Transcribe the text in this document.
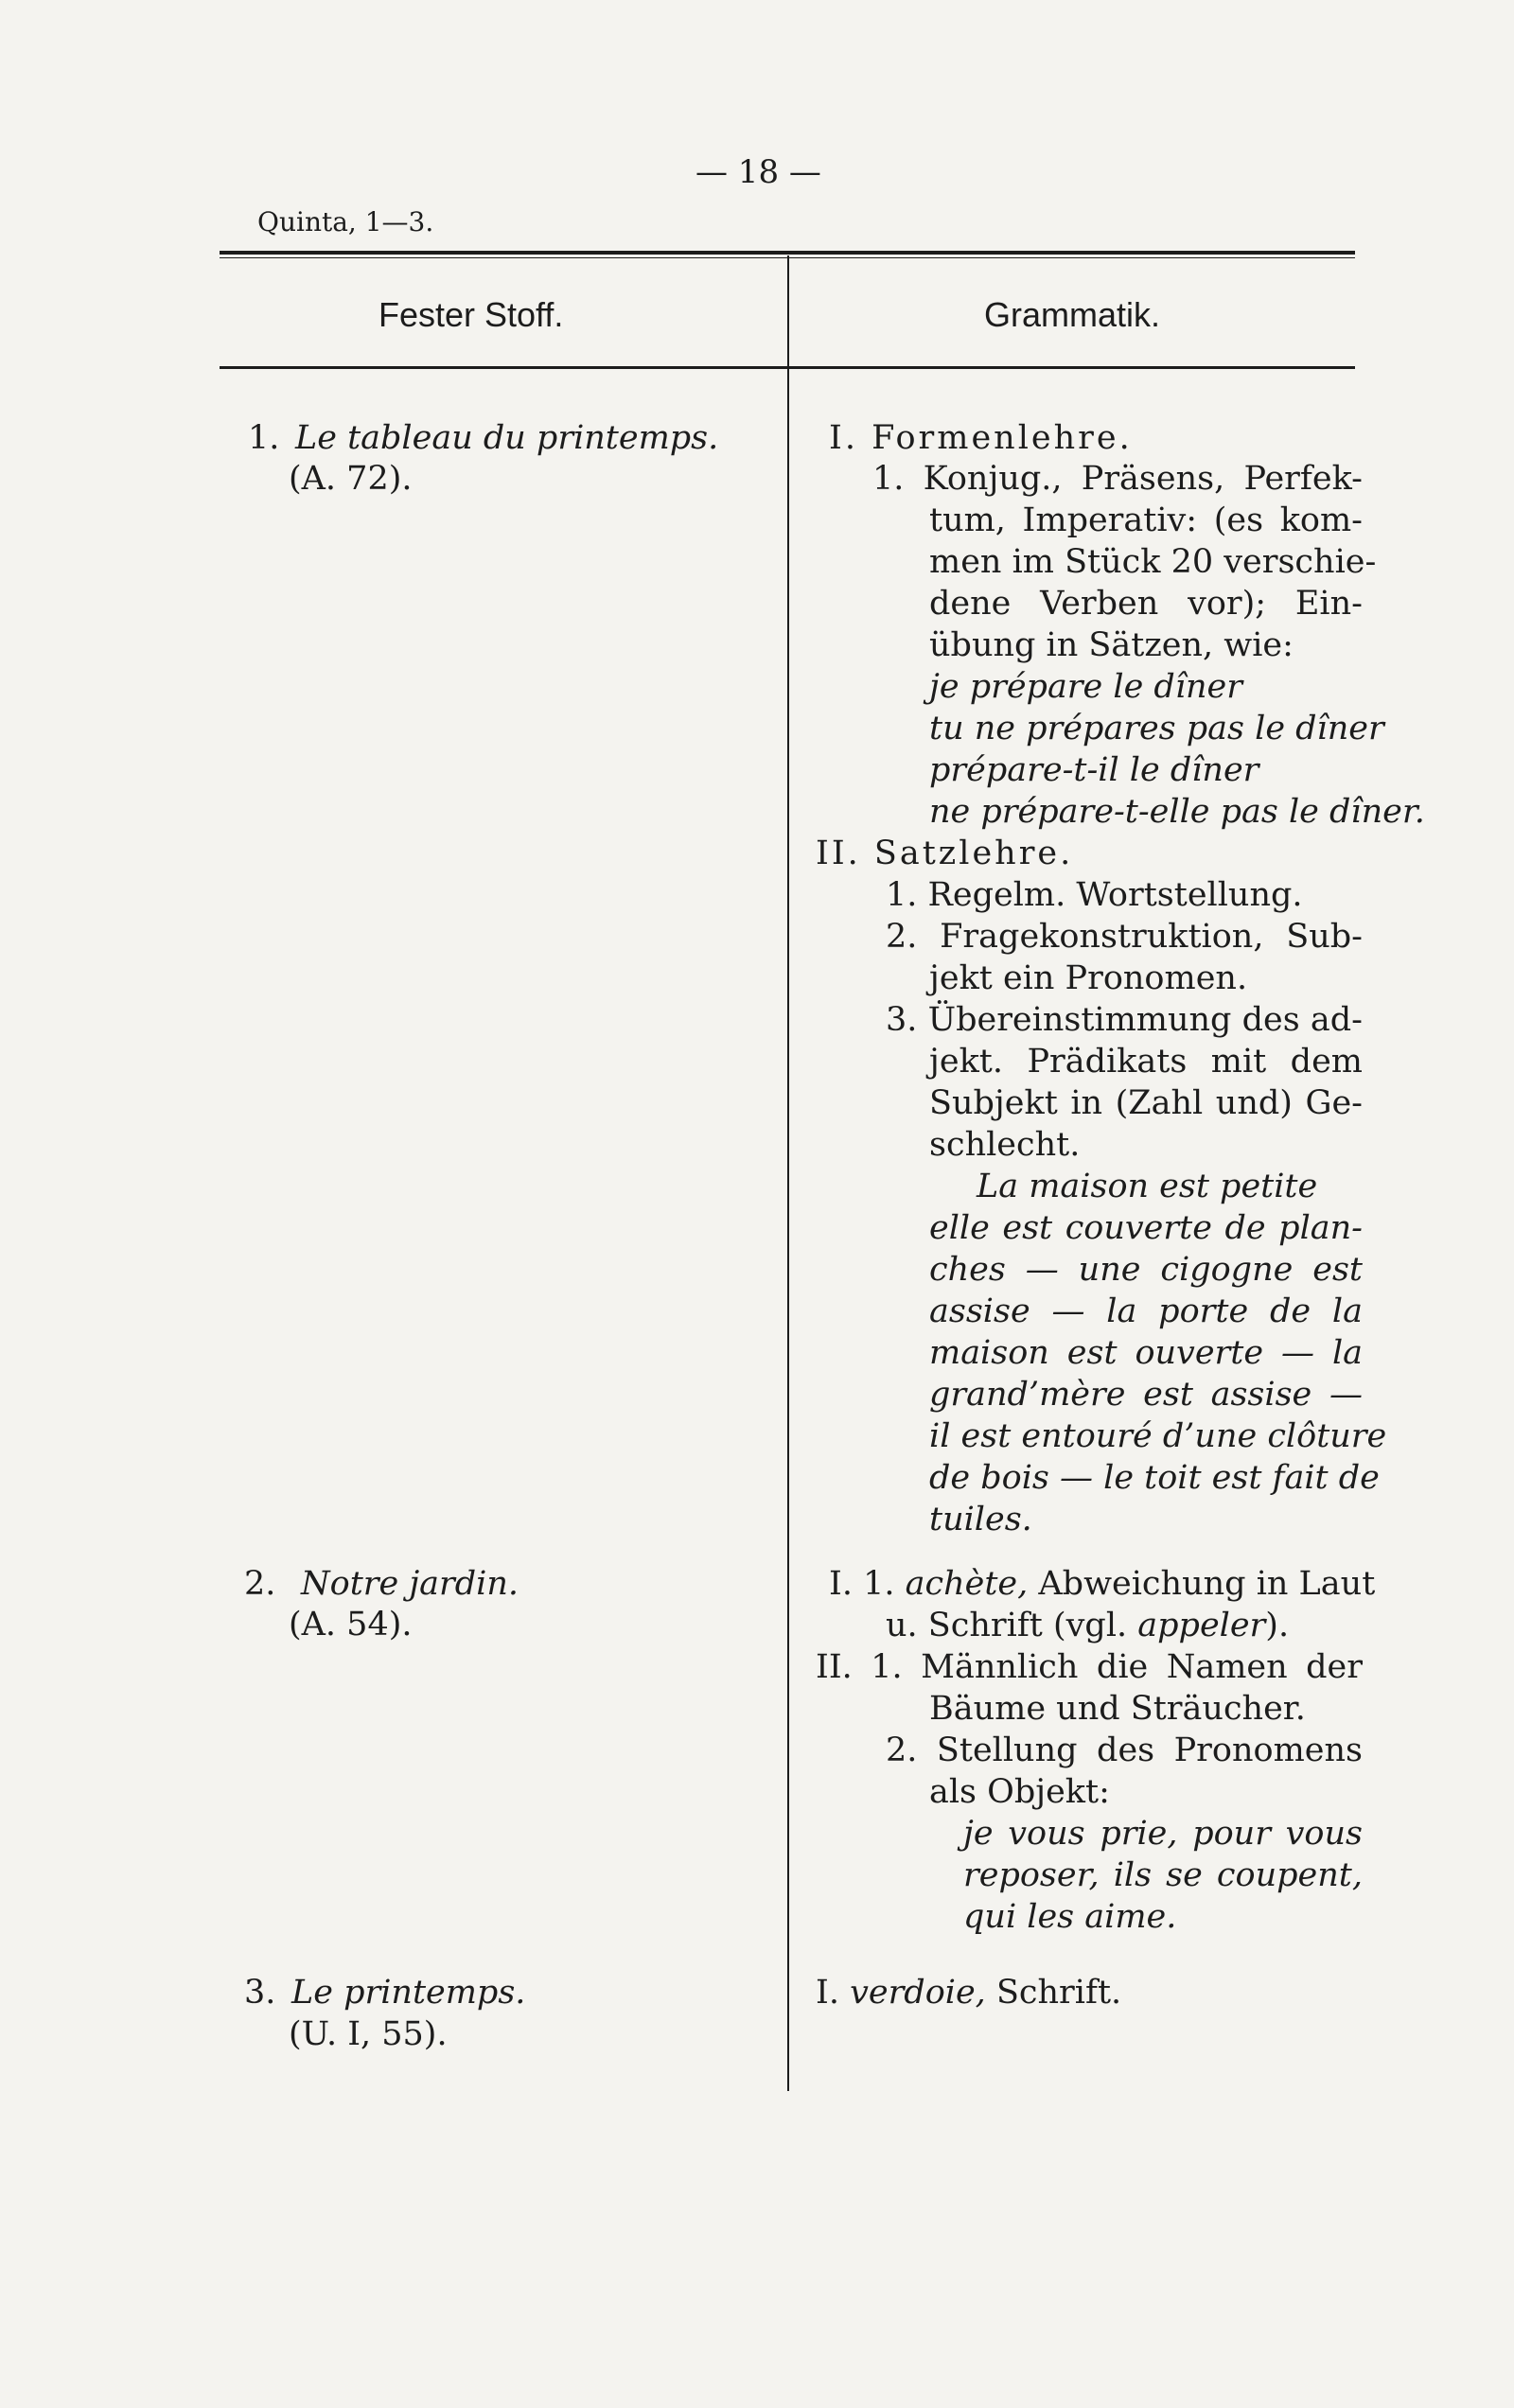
— 18 —
Quinta, 1—3.
Fester Stoff.	Grammatik.
1. Le tableau du printemps.
(A. 72).
I. Formenlehre.
1. Konjug., Präsens, Perfek-
tum, Imperativ: (es kom-
men im Stück 20 verschie-
dene Verben vor); Ein-
übung in Sätzen, wie:
je prépare le dîner
tu ne prépares pas le dîner
prépare-t-il le dîner
ne prépare-t-elle pas le dîner.
II. Satzlehre.
1. Regelm. Wortstellung.
2. Fragekonstruktion, Sub-
jekt ein Pronomen.
3. Übereinstimmung des ad-
jekt. Prädikats mit dem
Subjekt in (Zahl und) Ge-
schlecht.
La maison est petite
elle est couverte de plan-
ches — une cigogne est
assise — la porte de la
maison est ouverte — la
grand’mère est assise —
il est entouré d’une clôture
de bois — le toit est fait de
tuiles.
2. Notre jardin.
(A. 54).
I. 1. achète, Abweichung in Laut
u. Schrift (vgl. appeler).
II. 1. Männlich die Namen der
Bäume und Sträucher.
2. Stellung des Pronomens
als Objekt:
je vous prie, pour vous
reposer, ils se coupent,
qui les aime.
3. Le printemps.
(U. I, 55).
I. verdoie, Schrift.
